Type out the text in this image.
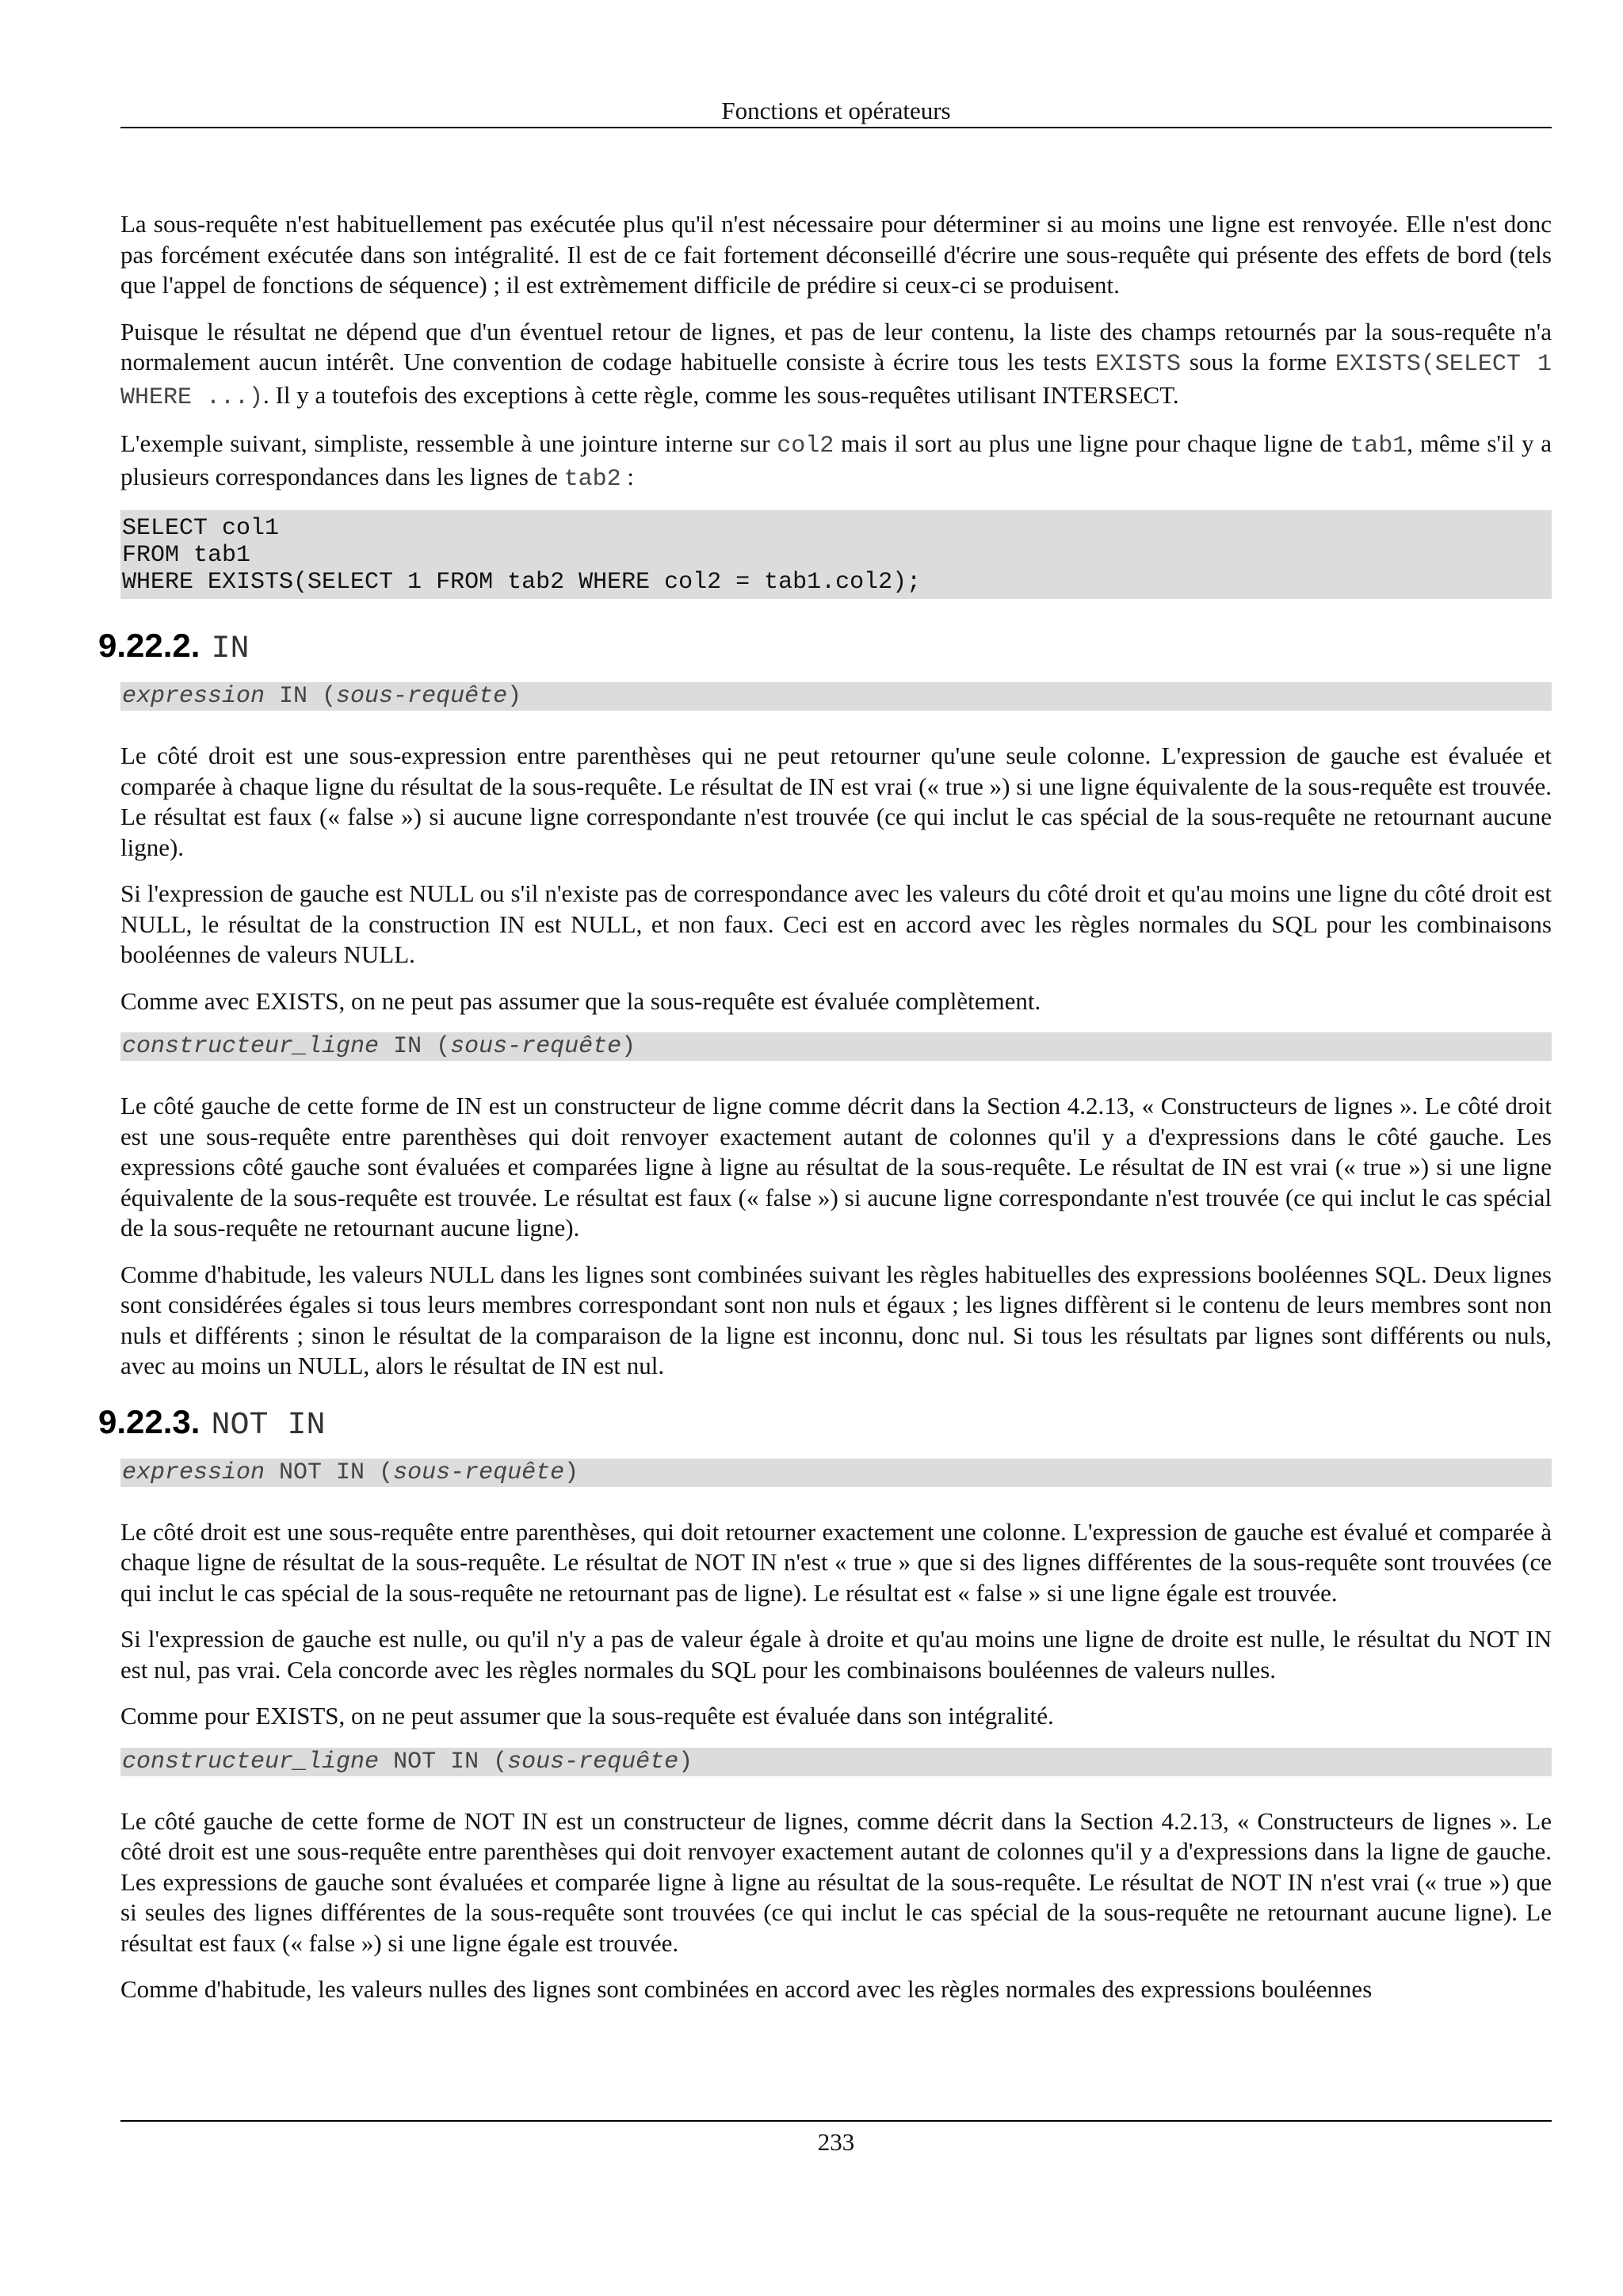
Fonctions et opérateurs

La sous-requête n'est habituellement pas exécutée plus qu'il n'est nécessaire pour déterminer si au moins une ligne est renvoyée. Elle n'est donc pas forcément exécutée dans son intégralité. Il est de ce fait fortement déconseillé d'écrire une sous-requête qui présente des effets de bord (tels que l'appel de fonctions de séquence) ; il est extrèmement difficile de prédire si ceux-ci se produisent.

Puisque le résultat ne dépend que d'un éventuel retour de lignes, et pas de leur contenu, la liste des champs retournés par la sous-requête n'a normalement aucun intérêt. Une convention de codage habituelle consiste à écrire tous les tests EXISTS sous la forme EXISTS(SELECT 1 WHERE ...). Il y a toutefois des exceptions à cette règle, comme les sous-requêtes utilisant INTERSECT.

L'exemple suivant, simpliste, ressemble à une jointure interne sur col2 mais il sort au plus une ligne pour chaque ligne de tab1, même s'il y a plusieurs correspondances dans les lignes de tab2 :

SELECT col1
FROM tab1
WHERE EXISTS(SELECT 1 FROM tab2 WHERE col2 = tab1.col2);
9.22.2. IN
expression IN (sous-requête)

Le côté droit est une sous-expression entre parenthèses qui ne peut retourner qu'une seule colonne. L'expression de gauche est évaluée et comparée à chaque ligne du résultat de la sous-requête. Le résultat de IN est vrai (« true ») si une ligne équivalente de la sous-requête est trouvée. Le résultat est faux (« false ») si aucune ligne correspondante n'est trouvée (ce qui inclut le cas spécial de la sous-requête ne retournant aucune ligne).

Si l'expression de gauche est NULL ou s'il n'existe pas de correspondance avec les valeurs du côté droit et qu'au moins une ligne du côté droit est NULL, le résultat de la construction IN est NULL, et non faux. Ceci est en accord avec les règles normales du SQL pour les combinaisons booléennes de valeurs NULL.

Comme avec EXISTS, on ne peut pas assumer que la sous-requête est évaluée complètement.

constructeur_ligne IN (sous-requête)

Le côté gauche de cette forme de IN est un constructeur de ligne comme décrit dans la Section 4.2.13, « Constructeurs de lignes ». Le côté droit est une sous-requête entre parenthèses qui doit renvoyer exactement autant de colonnes qu'il y a d'expressions dans le côté gauche. Les expressions côté gauche sont évaluées et comparées ligne à ligne au résultat de la sous-requête. Le résultat de IN est vrai (« true ») si une ligne équivalente de la sous-requête est trouvée. Le résultat est faux (« false ») si aucune ligne correspondante n'est trouvée (ce qui inclut le cas spécial de la sous-requête ne retournant aucune ligne).

Comme d'habitude, les valeurs NULL dans les lignes sont combinées suivant les règles habituelles des expressions booléennes SQL. Deux lignes sont considérées égales si tous leurs membres correspondant sont non nuls et égaux ; les lignes diffèrent si le contenu de leurs membres sont non nuls et différents ; sinon le résultat de la comparaison de la ligne est inconnu, donc nul. Si tous les résultats par lignes sont différents ou nuls, avec au moins un NULL, alors le résultat de IN est nul.

9.22.3. NOT IN
expression NOT IN (sous-requête)

Le côté droit est une sous-requête entre parenthèses, qui doit retourner exactement une colonne. L'expression de gauche est évalué et comparée à chaque ligne de résultat de la sous-requête. Le résultat de NOT IN n'est « true » que si des lignes différentes de la sous-requête sont trouvées (ce qui inclut le cas spécial de la sous-requête ne retournant pas de ligne). Le résultat est « false » si une ligne égale est trouvée.

Si l'expression de gauche est nulle, ou qu'il n'y a pas de valeur égale à droite et qu'au moins une ligne de droite est nulle, le résultat du NOT IN est nul, pas vrai. Cela concorde avec les règles normales du SQL pour les combinaisons bouléennes de valeurs nulles.

Comme pour EXISTS, on ne peut assumer que la sous-requête est évaluée dans son intégralité.

constructeur_ligne NOT IN (sous-requête)

Le côté gauche de cette forme de NOT IN est un constructeur de lignes, comme décrit dans la Section 4.2.13, « Constructeurs de lignes ». Le côté droit est une sous-requête entre parenthèses qui doit renvoyer exactement autant de colonnes qu'il y a d'expressions dans la ligne de gauche. Les expressions de gauche sont évaluées et comparée ligne à ligne au résultat de la sous-requête. Le résultat de NOT IN n'est vrai (« true ») que si seules des lignes différentes de la sous-requête sont trouvées (ce qui inclut le cas spécial de la sous-requête ne retournant aucune ligne). Le résultat est faux (« false ») si une ligne égale est trouvée.

Comme d'habitude, les valeurs nulles des lignes sont combinées en accord avec les règles normales des expressions bouléennes

233
